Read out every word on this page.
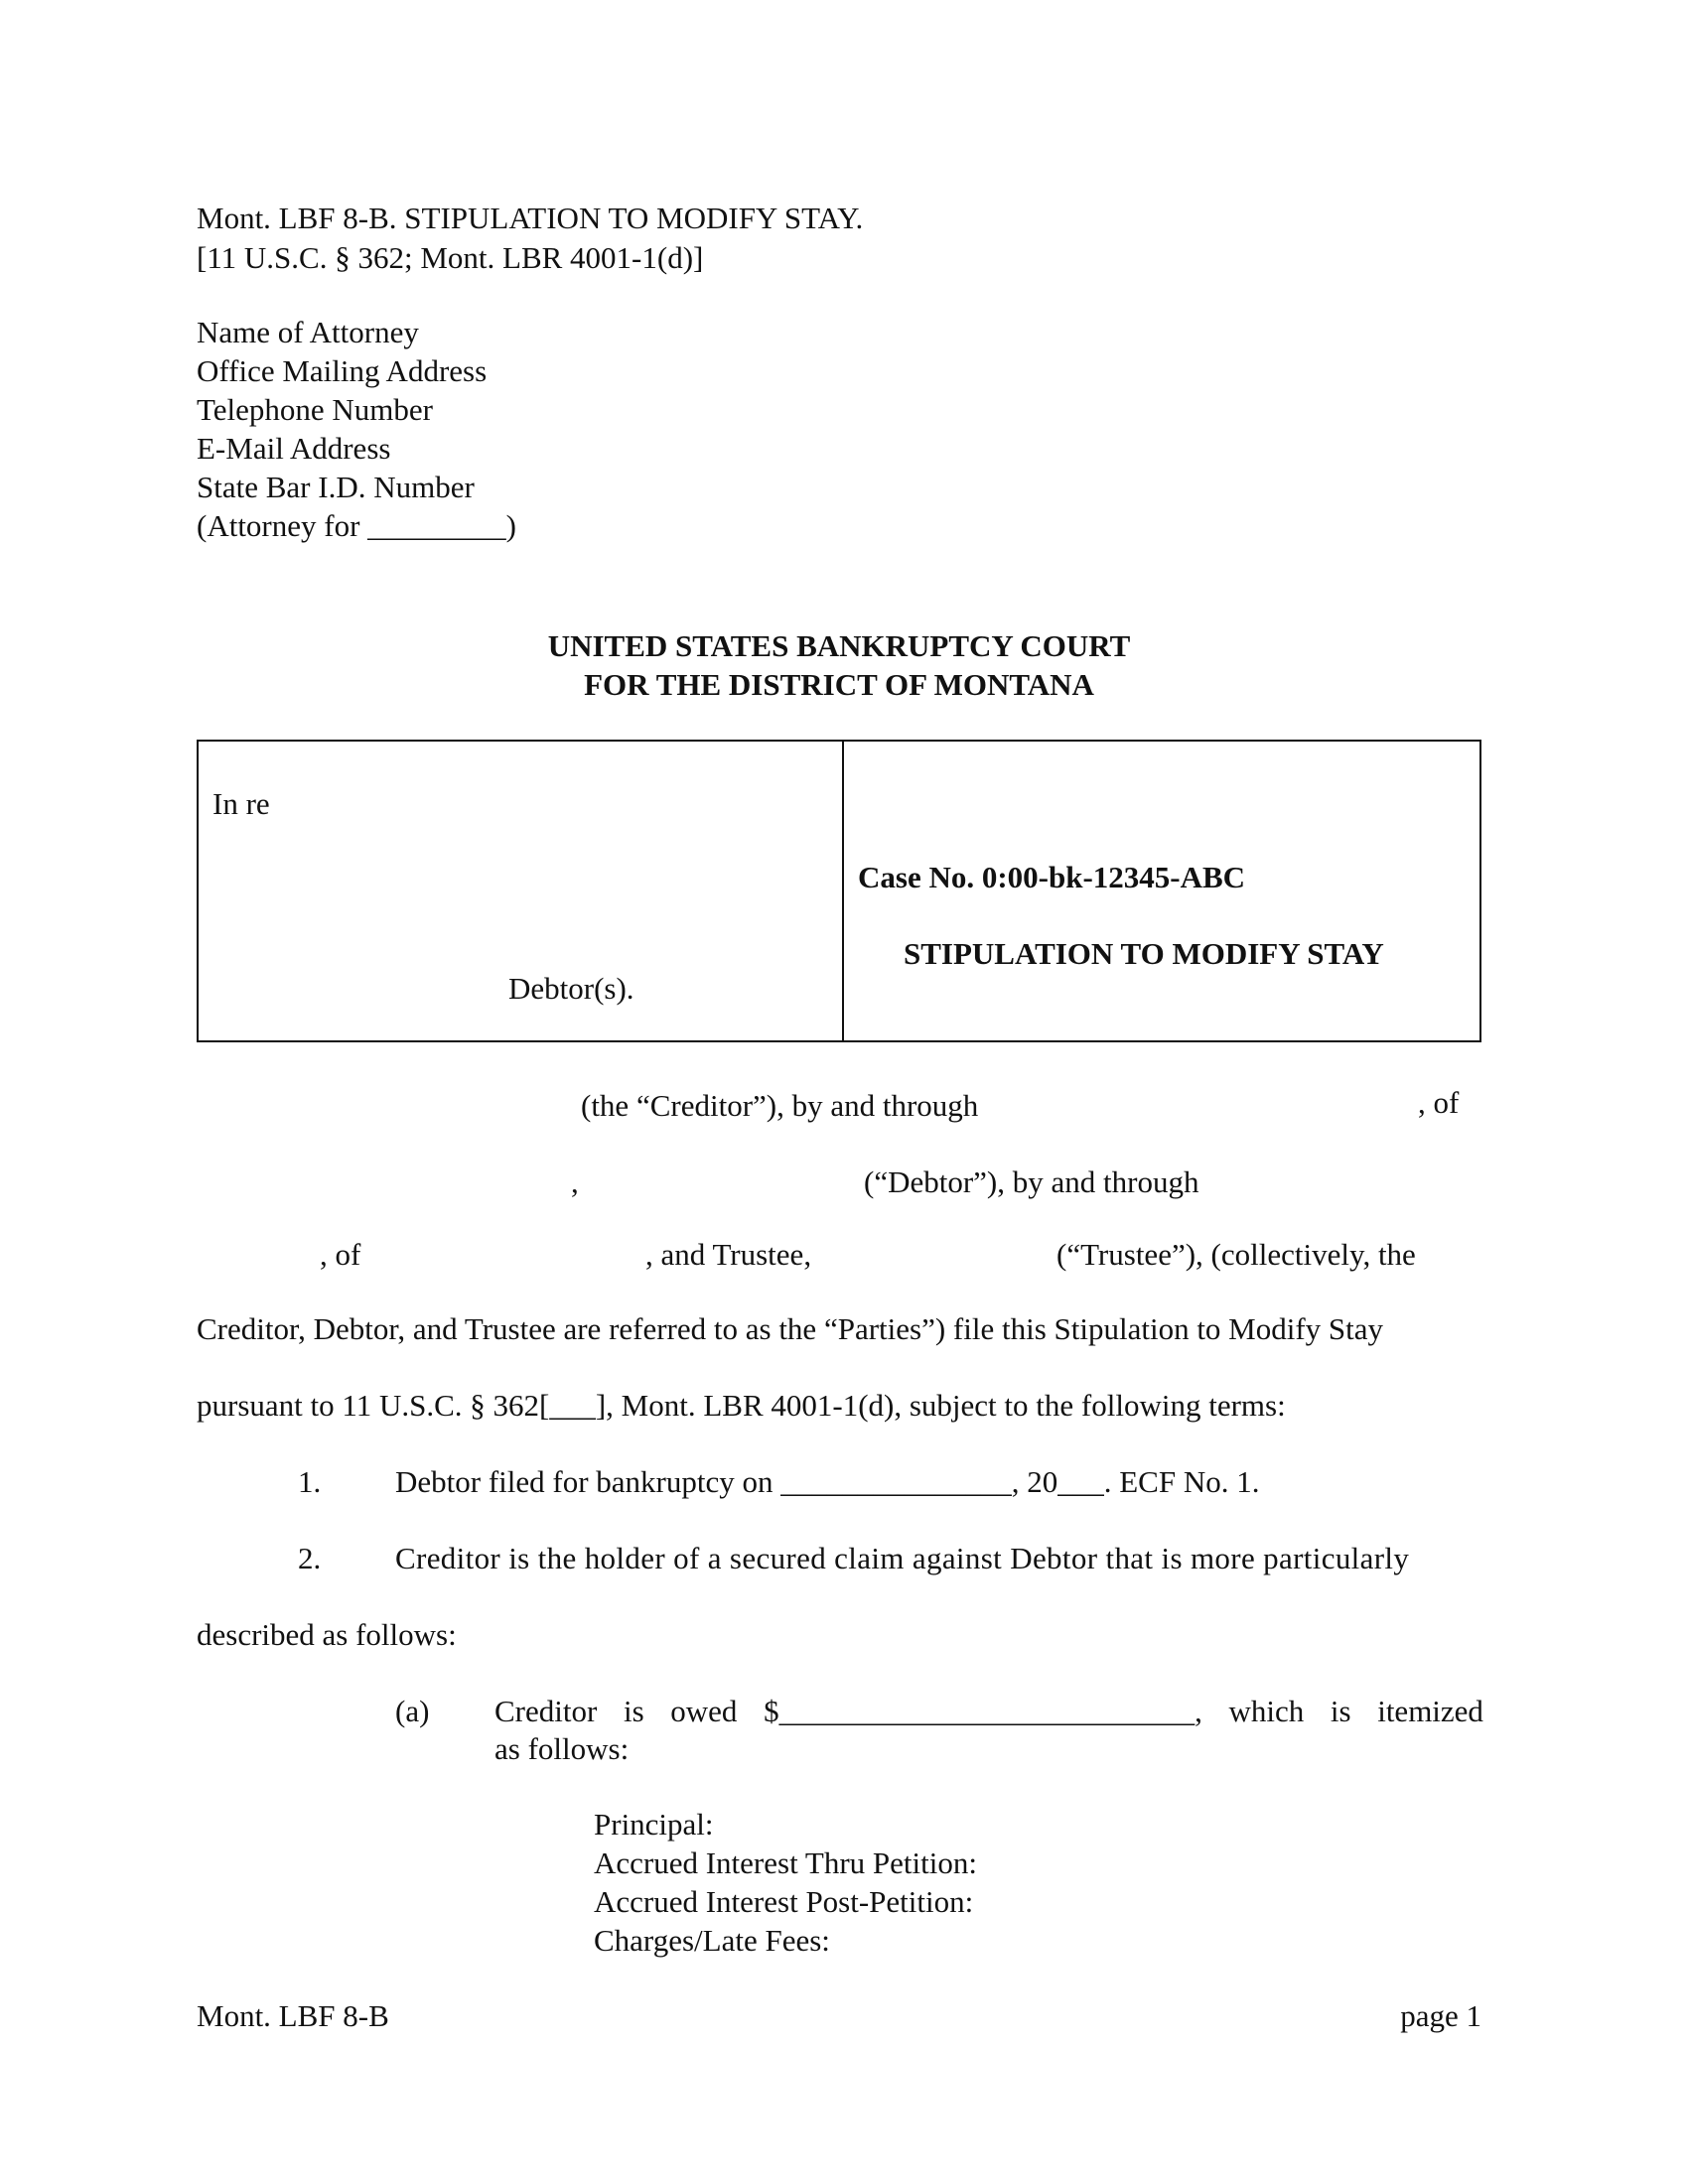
Mont. LBF 8-B. STIPULATION TO MODIFY STAY.
[11 U.S.C. § 362; Mont. LBR 4001-1(d)]
Name of Attorney
Office Mailing Address
Telephone Number
E-Mail Address
State Bar I.D. Number
(Attorney for _________)
UNITED STATES BANKRUPTCY COURT
FOR THE DISTRICT OF MONTANA
In re
Debtor(s).
Case No. 0:00-bk-12345-ABC
STIPULATION TO MODIFY STAY
(the “Creditor”), by and through	, of
,	(“Debtor”), by and through
, of	, and Trustee,	(“Trustee”), (collectively, the
Creditor, Debtor, and Trustee are referred to as the “Parties”) file this Stipulation to Modify Stay
pursuant to 11 U.S.C. § 362[___], Mont. LBR 4001-1(d), subject to the following terms:
1. Debtor filed for bankruptcy on _______________, 20___. ECF No. 1.
2. Creditor is the holder of a secured claim against Debtor that is more particularly
described as follows:
(a) Creditor is owed $___________________________, which is itemized
as follows:
Principal:
Accrued Interest Thru Petition:
Accrued Interest Post-Petition:
Charges/Late Fees:
Mont. LBF 8-B	page 1
